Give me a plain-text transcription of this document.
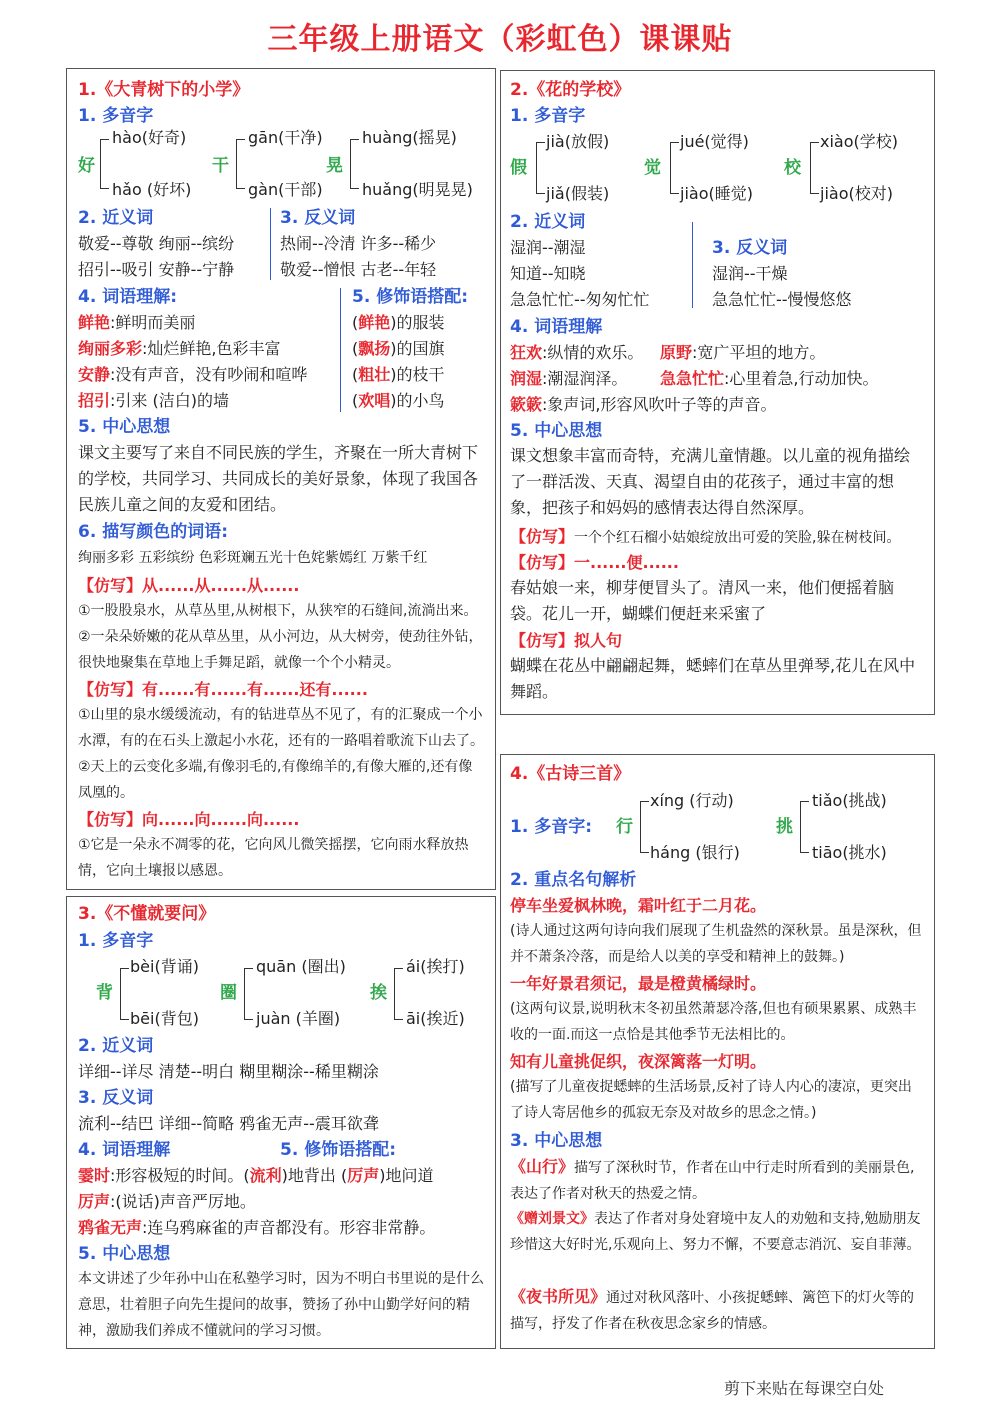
三年级上册语文（彩虹色）课课贴
1.《大青树下的小学》
1. 多音字
好
hào(好奇)
hǎo (好坏)
干
gān(干净)
gàn(干部)
晃
huàng(摇晃)
huǎng(明晃晃)
2. 近义词
敬爱--尊敬 绚丽--缤纷
招引--吸引 安静--宁静
3. 反义词
热闹--冷清 许多--稀少
敬爱--憎恨 古老--年轻
4. 词语理解:
鲜艳:鲜明而美丽
绚丽多彩:灿烂鲜艳,色彩丰富
安静:没有声音，没有吵闹和喧哗
招引:引来 (洁白)的墙
5. 修饰语搭配:
(鲜艳)的服装
(飘扬)的国旗
(粗壮)的枝干
(欢唱)的小鸟
5. 中心思想
课文主要写了来自不同民族的学生，齐聚在一所大青树下的学校，共同学习、共同成长的美好景象，体现了我国各民族儿童之间的友爱和团结。
6. 描写颜色的词语:
绚丽多彩 五彩缤纷 色彩斑斓五光十色姹紫嫣红 万紫千红
【仿写】从......从......从......
①一股股泉水，从草丛里,从树根下，从狭窄的石缝间,流淌出来。②一朵朵娇嫩的花从草丛里，从小河边，从大树旁，使劲往外钻，很快地聚集在草地上手舞足蹈，就像一个个小精灵。
【仿写】有......有......有......还有......
①山里的泉水缓缓流动，有的钻进草丛不见了，有的汇聚成一个小水潭，有的在石头上激起小水花，还有的一路唱着歌流下山去了。②天上的云变化多端,有像羽毛的,有像绵羊的,有像大雁的,还有像凤凰的。
【仿写】向......向......向......
①它是一朵永不凋零的花，它向风儿微笑摇摆，它向雨水释放热情，它向土壤报以感恩。
2.《花的学校》
1. 多音字
假
jià(放假)
jiǎ(假装)
觉
jué(觉得)
jiào(睡觉)
校
xiào(学校)
jiào(校对)
2. 近义词
湿润--潮湿
知道--知晓
急急忙忙--匆匆忙忙
3. 反义词
湿润--干燥
急急忙忙--慢慢悠悠
4. 词语理解
狂欢:纵情的欢乐。 原野:宽广平坦的地方。
润湿:潮湿润泽。 急急忙忙:心里着急,行动加快。
簌簌:象声词,形容风吹叶子等的声音。
5. 中心思想
课文想象丰富而奇特，充满儿童情趣。以儿童的视角描绘了一群活泼、天真、渴望自由的花孩子，通过丰富的想象，把孩子和妈妈的感情表达得自然深厚。
【仿写】一个个红石榴小姑娘绽放出可爱的笑脸,躲在树枝间。
【仿写】一......便......
春姑娘一来，柳芽便冒头了。清风一来，他们便摇着脑袋。花儿一开，蝴蝶们便赶来采蜜了
【仿写】拟人句
蝴蝶在花丛中翩翩起舞，蟋蟀们在草丛里弹琴,花儿在风中舞蹈。
3.《不懂就要问》
1. 多音字
背
bèi(背诵)
bēi(背包)
圈
quān (圈出)
juàn (羊圈)
挨
ái(挨打)
āi(挨近)
2. 近义词
详细--详尽 清楚--明白 糊里糊涂--稀里糊涂
3. 反义词
流利--结巴 详细--简略 鸦雀无声--震耳欲聋
4. 词语理解	5. 修饰语搭配:
霎时:形容极短的时间。(流利)地背出 (厉声)地问道
厉声:(说话)声音严厉地。
鸦雀无声:连乌鸦麻雀的声音都没有。形容非常静。
5. 中心思想
本文讲述了少年孙中山在私塾学习时，因为不明白书里说的是什么意思，壮着胆子向先生提问的故事，赞扬了孙中山勤学好问的精神，激励我们养成不懂就问的学习习惯。
4.《古诗三首》
1. 多音字: 行
xíng (行动)
háng (银行)
挑
tiǎo(挑战)
tiāo(挑水)
2. 重点名句解析
停车坐爱枫林晚，霜叶红于二月花。
(诗人通过这两句诗向我们展现了生机盎然的深秋景。虽是深秋，但并不萧条冷落，而是给人以美的享受和精神上的鼓舞。)
一年好景君须记，最是橙黄橘绿时。
(这两句议景,说明秋末冬初虽然萧瑟冷落,但也有硕果累累、成熟丰收的一面.而这一点恰是其他季节无法相比的。
知有儿童挑促织，夜深篱落一灯明。
(描写了儿童夜捉蟋蟀的生活场景,反衬了诗人内心的凄凉，更突出了诗人寄居他乡的孤寂无奈及对故乡的思念之情。)
3. 中心思想
《山行》描写了深秋时节，作者在山中行走时所看到的美丽景色,表达了作者对秋天的热爱之情。
《赠刘景文》表达了作者对身处窘境中友人的劝勉和支持,勉励朋友珍惜这大好时光,乐观向上、努力不懈，不要意志消沉、妄自菲薄。
《夜书所见》通过对秋风落叶、小孩捉蟋蟀、篱笆下的灯火等的描写，抒发了作者在秋夜思念家乡的情感。
剪下来贴在每课空白处
